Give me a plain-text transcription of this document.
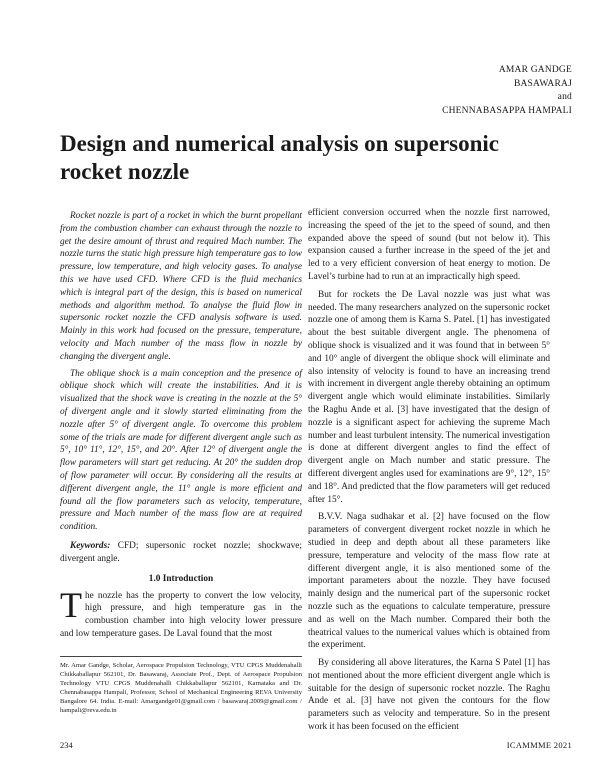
AMAR GANDGE
BASAWARAJ
and
CHENNABASAPPA HAMPALI
Design and numerical analysis on supersonic rocket nozzle

Rocket nozzle is part of a rocket in which the burnt propellant from the combustion chamber can exhaust through the nozzle to get the desire amount of thrust and required Mach number. The nozzle turns the static high pressure high temperature gas to low pressure, low temperature, and high velocity gases. To analyse this we have used CFD. Where CFD is the fluid mechanics which is integral part of the design, this is based on numerical methods and algorithm method. To analyse the fluid flow in supersonic rocket nozzle the CFD analysis software is used. Mainly in this work had focused on the pressure, temperature, velocity and Mach number of the mass flow in nozzle by changing the divergent angle.

The oblique shock is a main conception and the presence of oblique shock which will create the instabilities. And it is visualized that the shock wave is creating in the nozzle at the 5° of divergent angle and it slowly started eliminating from the nozzle after 5° of divergent angle. To overcome this problem some of the trials are made for different divergent angle such as 5°, 10° 11°, 12°, 15°, and 20°. After 12° of divergent angle the flow parameters will start get reducing. At 20° the sudden drop of flow parameter will occur. By considering all the results at different divergent angle, the 11° angle is more efficient and found all the flow parameters such as velocity, temperature, pressure and Mach number of the mass flow are at required condition.

Keywords: CFD; supersonic rocket nozzle; shockwave; divergent angle.

1.0 Introduction

The nozzle has the property to convert the low velocity, high pressure, and high temperature gas in the combustion chamber into high velocity lower pressure and low temperature gases. De Laval found that the most

efficient conversion occurred when the nozzle first narrowed, increasing the speed of the jet to the speed of sound, and then expanded above the speed of sound (but not below it). This expansion caused a further increase in the speed of the jet and led to a very efficient conversion of heat energy to motion. De Lavel’s turbine had to run at an impractically high speed.

But for rockets the De Laval nozzle was just what was needed. The many researchers analyzed on the supersonic rocket nozzle one of among them is Karna S. Patel. [1] has investigated about the best suitable divergent angle. The phenomena of oblique shock is visualized and it was found that in between 5° and 10° angle of divergent the oblique shock will eliminate and also intensity of velocity is found to have an increasing trend with increment in divergent angle thereby obtaining an optimum divergent angle which would eliminate instabilities. Similarly the Raghu Ande et al. [3] have investigated that the design of nozzle is a significant aspect for achieving the supreme Mach number and least turbulent intensity. The numerical investigation is done at different divergent angles to find the effect of divergent angle on Mach number and static pressure. The different divergent angles used for examinations are 9°, 12°, 15° and 18°. And predicted that the flow parameters will get reduced after 15°.

B.V.V. Naga sudhakar et al. [2] have focused on the flow parameters of convergent divergent rocket nozzle in which he studied in deep and depth about all these parameters like pressure, temperature and velocity of the mass flow rate at different divergent angle, it is also mentioned some of the important parameters about the nozzle. They have focused mainly design and the numerical part of the supersonic rocket nozzle such as the equations to calculate temperature, pressure and as well on the Mach number. Compared their both the theatrical values to the numerical values which is obtained from the experiment.

By considering all above literatures, the Karna S Patel [1] has not mentioned about the more efficient divergent angle which is suitable for the design of supersonic rocket nozzle. The Raghu Ande et al. [3] have not given the contours for the flow parameters such as velocity and temperature. So in the present work it has been focused on the efficient

Mr. Amar Gandge, Scholar, Aerospace Propulsion Technology, VTU CPGS Muddenahalli Chikkaballapur 562101, Dr. Basawaraj, Associate Prof., Dept. of Aerospace Propulsion Technology VTU CPGS Muddenahalli Chikkaballapur 562101, Karnataka and Dr. Chennabasappa Hampali, Professor, School of Mechanical Engineering REVA University Bangalore 64. India. E-mail: Amargandge01@gmail.com / basawaraj.2009@gmail.com / hampali@reva.edu.in

234	ICAMMME 2021
